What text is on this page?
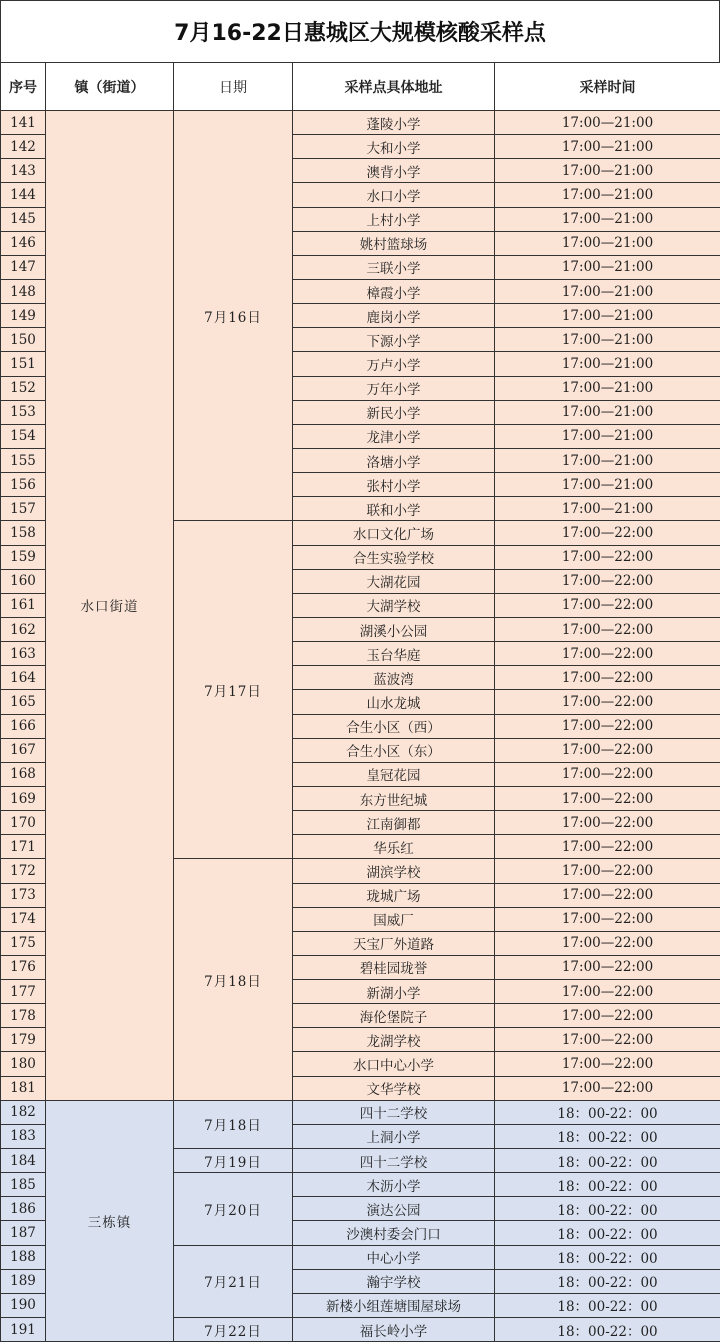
7月16-22日惠城区大规模核酸采样点
序号	镇（街道）	日期	采样点具体地址	采样时间
141	水口街道	7月16日	蓬陵小学	17:00—21:00
142			大和小学	17:00—21:00
143			澳背小学	17:00—21:00
144			水口小学	17:00—21:00
145			上村小学	17:00—21:00
146			姚村篮球场	17:00—21:00
147			三联小学	17:00—21:00
148			樟霞小学	17:00—21:00
149			鹿岗小学	17:00—21:00
150			下源小学	17:00—21:00
151			万卢小学	17:00—21:00
152			万年小学	17:00—21:00
153			新民小学	17:00—21:00
154			龙津小学	17:00—21:00
155			洛塘小学	17:00—21:00
156			张村小学	17:00—21:00
157			联和小学	17:00—21:00
158		7月17日	水口文化广场	17:00—22:00
159			合生实验学校	17:00—22:00
160			大湖花园	17:00—22:00
161			大湖学校	17:00—22:00
162			湖溪小公园	17:00—22:00
163			玉台华庭	17:00—22:00
164			蓝波湾	17:00—22:00
165			山水龙城	17:00—22:00
166			合生小区（西）	17:00—22:00
167			合生小区（东）	17:00—22:00
168			皇冠花园	17:00—22:00
169			东方世纪城	17:00—22:00
170			江南御都	17:00—22:00
171			华乐红	17:00—22:00
172		7月18日	湖滨学校	17:00—22:00
173			珑城广场	17:00—22:00
174			国威厂	17:00—22:00
175			天宝厂外道路	17:00—22:00
176			碧桂园珑誉	17:00—22:00
177			新湖小学	17:00—22:00
178			海伦堡院子	17:00—22:00
179			龙湖学校	17:00—22:00
180			水口中心小学	17:00—22:00
181			文华学校	17:00—22:00
182	三栋镇	7月18日	四十二学校	18：00-22：00
183			上洞小学	18：00-22：00
184		7月19日	四十二学校	18：00-22：00
185		7月20日	木沥小学	18：00-22：00
186			演达公园	18：00-22：00
187			沙澳村委会门口	18：00-22：00
188		7月21日	中心小学	18：00-22：00
189			瀚宇学校	18：00-22：00
190			新楼小组莲塘围屋球场	18：00-22：00
191		7月22日	福长岭小学	18：00-22：00
